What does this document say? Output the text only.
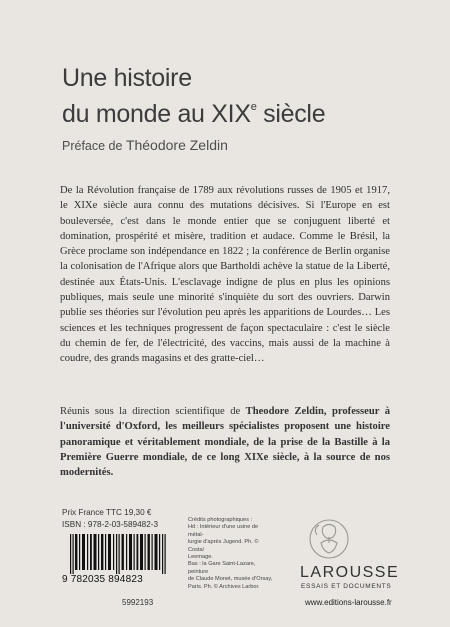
Une histoire
du monde au XIXe siècle
Préface de Théodore Zeldin

De la Révolution française de 1789 aux révolutions russes de 1905 et 1917, le XIXe siècle aura connu des mutations décisives. Si l'Europe en est bouleversée, c'est dans le monde entier que se conjuguent liberté et domination, prospérité et misère, tradition et audace. Comme le Brésil, la Grèce proclame son indépendance en 1822 ; la conférence de Berlin organise la colonisation de l'Afrique alors que Bartholdi achève la statue de la Liberté, destinée aux États-Unis. L'esclavage indigne de plus en plus les opinions publiques, mais seule une minorité s'inquiète du sort des ouvriers. Darwin publie ses théories sur l'évolution peu après les apparitions de Lourdes… Les sciences et les techniques progressent de façon spectaculaire : c'est le siècle du chemin de fer, de l'électricité, des vaccins, mais aussi de la machine à coudre, des grands magasins et des gratte-ciel…

Réunis sous la direction scientifique de Theodore Zeldin, professeur à l'université d'Oxford, les meilleurs spécialistes proposent une histoire panoramique et véritablement mondiale, de la prise de la Bastille à la Première Guerre mondiale, de ce long XIXe siècle, à la source de nos modernités.

Prix France TTC 19,30 €
ISBN : 978-2-03-589482-3
9 782035 894823
5992193

Crédits photographiques :

Hd : Intérieur d'une usine de métal-

lurgie d'après Jugend. Ph. © Costa/

Leemage.

Bas : la Gare Saint-Lazare, peinture

de Claude Monet, musée d'Orsay,

Paris. Ph. © Archives Larbor.

LAROUSSE
ESSAIS ET DOCUMENTS
www.editions-larousse.fr
